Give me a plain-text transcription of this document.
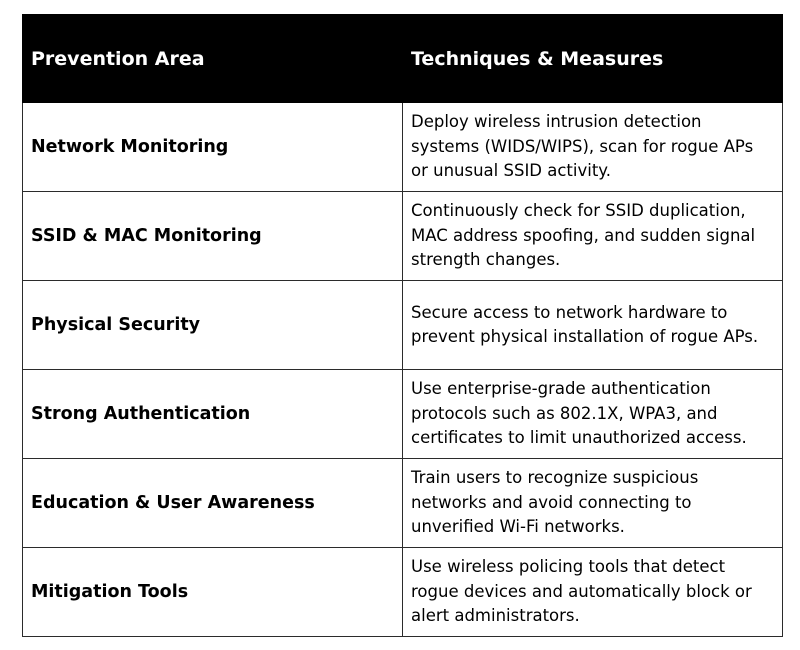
Prevention Area	Techniques & Measures
Network Monitoring	Deploy wireless intrusion detection systems (WIDS/WIPS), scan for rogue APs or unusual SSID activity.
SSID & MAC Monitoring	Continuously check for SSID duplication, MAC address spoofing, and sudden signal strength changes.
Physical Security	Secure access to network hardware to prevent physical installation of rogue APs.
Strong Authentication	Use enterprise-grade authentication protocols such as 802.1X, WPA3, and certificates to limit unauthorized access.
Education & User Awareness	Train users to recognize suspicious networks and avoid connecting to unverified Wi-Fi networks.
Mitigation Tools	Use wireless policing tools that detect rogue devices and automatically block or alert administrators.
